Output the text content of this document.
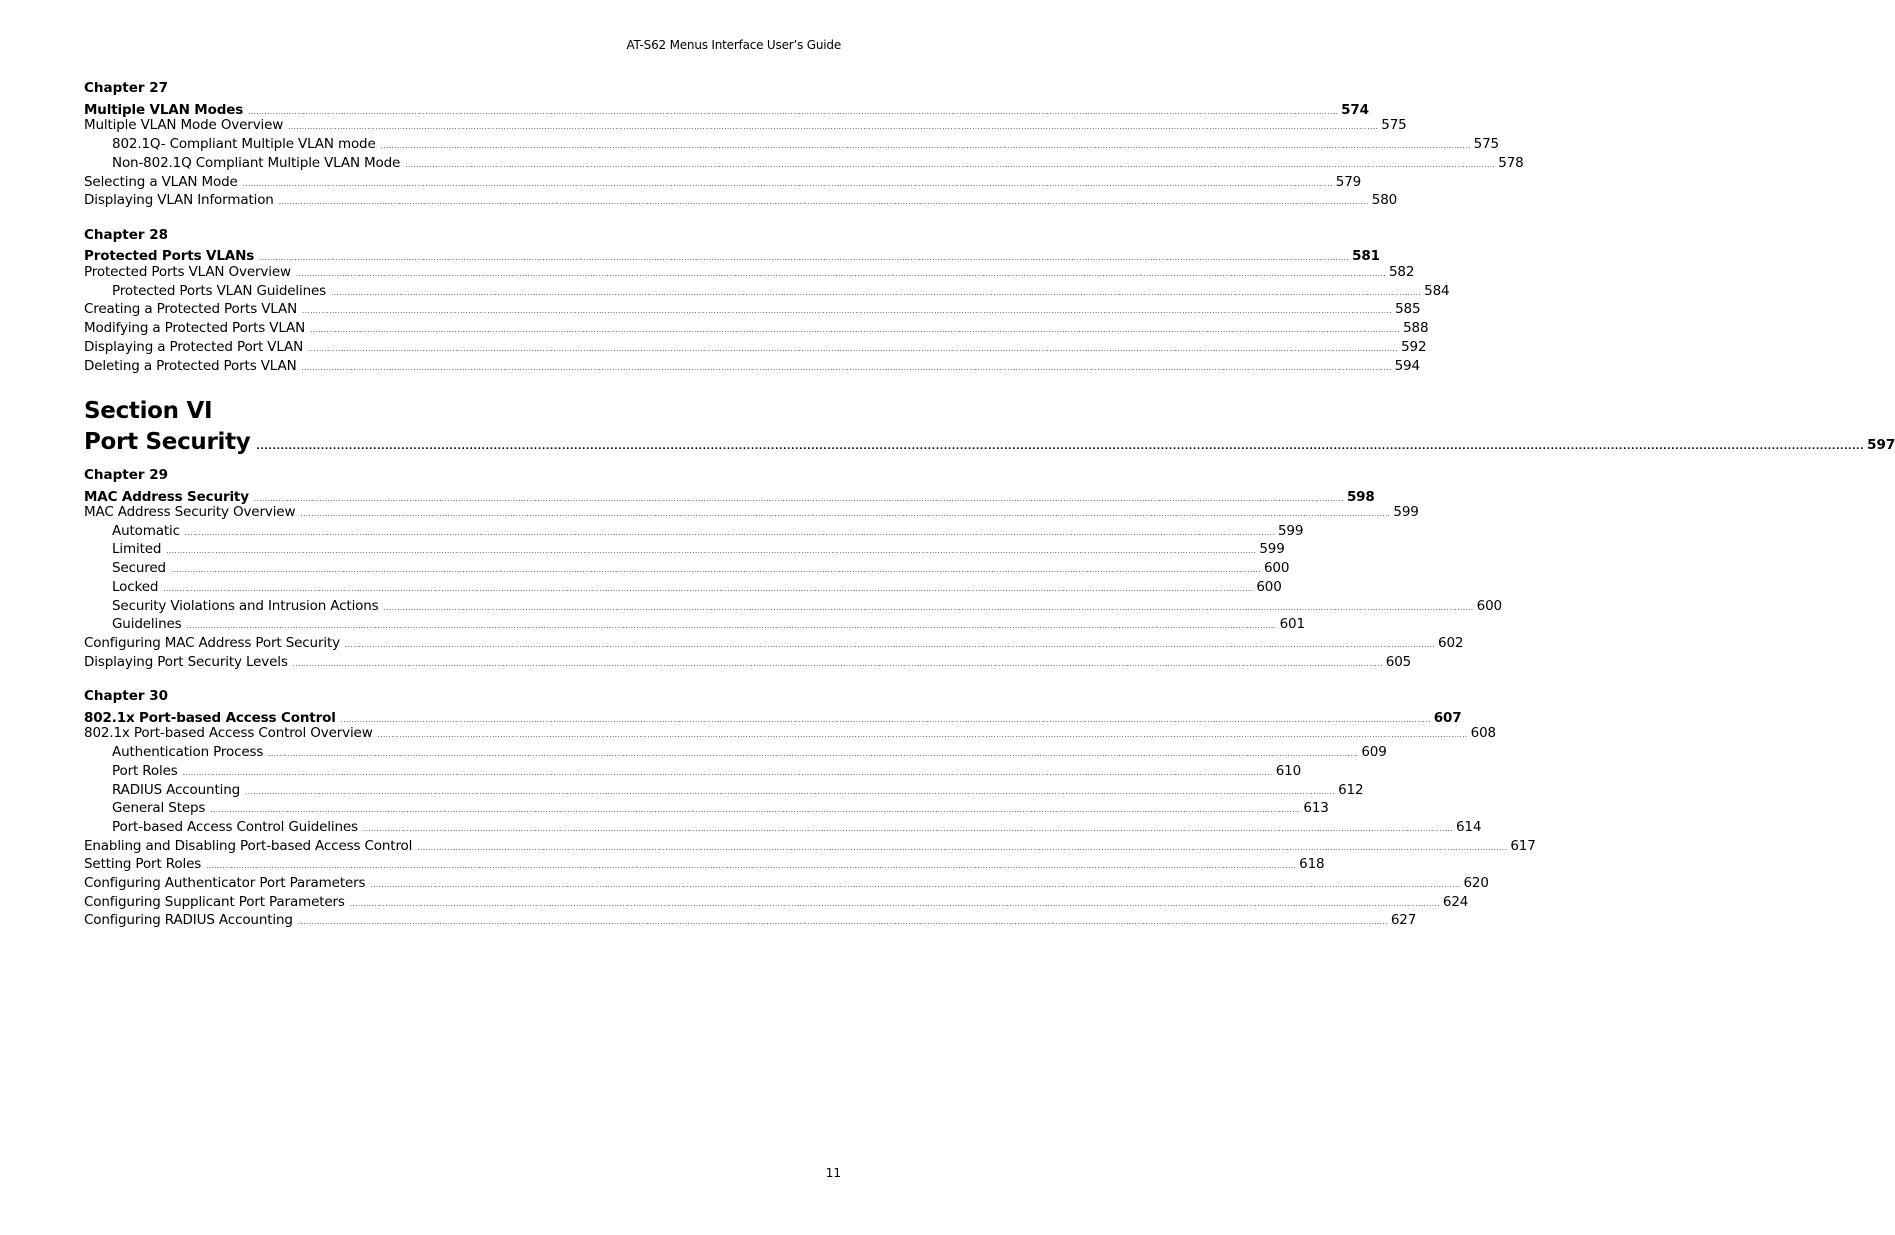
AT-S62 Menus Interface User’s Guide
Chapter 27
Multiple VLAN Modes ................................................................................................................................................................................................................................................................................................................................................................................................................ 574
Multiple VLAN Mode Overview ................................................................................................................................................................................................................................................................................................................................................................................................................ 575
802.1Q- Compliant Multiple VLAN mode ................................................................................................................................................................................................................................................................................................................................................................................................................ 575
Non-802.1Q Compliant Multiple VLAN Mode ................................................................................................................................................................................................................................................................................................................................................................................................................ 578
Selecting a VLAN Mode ................................................................................................................................................................................................................................................................................................................................................................................................................ 579
Displaying VLAN Information ................................................................................................................................................................................................................................................................................................................................................................................................................ 580
Chapter 28
Protected Ports VLANs ................................................................................................................................................................................................................................................................................................................................................................................................................ 581
Protected Ports VLAN Overview ................................................................................................................................................................................................................................................................................................................................................................................................................ 582
Protected Ports VLAN Guidelines ................................................................................................................................................................................................................................................................................................................................................................................................................ 584
Creating a Protected Ports VLAN ................................................................................................................................................................................................................................................................................................................................................................................................................ 585
Modifying a Protected Ports VLAN ................................................................................................................................................................................................................................................................................................................................................................................................................ 588
Displaying a Protected Port VLAN ................................................................................................................................................................................................................................................................................................................................................................................................................ 592
Deleting a Protected Ports VLAN ................................................................................................................................................................................................................................................................................................................................................................................................................ 594
Chapter 29
MAC Address Security ................................................................................................................................................................................................................................................................................................................................................................................................................ 598
MAC Address Security Overview ................................................................................................................................................................................................................................................................................................................................................................................................................ 599
Automatic ................................................................................................................................................................................................................................................................................................................................................................................................................ 599
Limited ................................................................................................................................................................................................................................................................................................................................................................................................................ 599
Secured ................................................................................................................................................................................................................................................................................................................................................................................................................ 600
Locked ................................................................................................................................................................................................................................................................................................................................................................................................................ 600
Security Violations and Intrusion Actions ................................................................................................................................................................................................................................................................................................................................................................................................................ 600
Guidelines ................................................................................................................................................................................................................................................................................................................................................................................................................ 601
Configuring MAC Address Port Security ................................................................................................................................................................................................................................................................................................................................................................................................................ 602
Displaying Port Security Levels ................................................................................................................................................................................................................................................................................................................................................................................................................ 605
Chapter 30
802.1x Port-based Access Control ................................................................................................................................................................................................................................................................................................................................................................................................................ 607
802.1x Port-based Access Control Overview ................................................................................................................................................................................................................................................................................................................................................................................................................ 608
Authentication Process ................................................................................................................................................................................................................................................................................................................................................................................................................ 609
Port Roles ................................................................................................................................................................................................................................................................................................................................................................................................................ 610
RADIUS Accounting ................................................................................................................................................................................................................................................................................................................................................................................................................ 612
General Steps ................................................................................................................................................................................................................................................................................................................................................................................................................ 613
Port-based Access Control Guidelines ................................................................................................................................................................................................................................................................................................................................................................................................................ 614
Enabling and Disabling Port-based Access Control ................................................................................................................................................................................................................................................................................................................................................................................................................ 617
Setting Port Roles ................................................................................................................................................................................................................................................................................................................................................................................................................ 618
Configuring Authenticator Port Parameters ................................................................................................................................................................................................................................................................................................................................................................................................................ 620
Configuring Supplicant Port Parameters ................................................................................................................................................................................................................................................................................................................................................................................................................ 624
Configuring RADIUS Accounting ................................................................................................................................................................................................................................................................................................................................................................................................................ 627
Section VI
Port Security ................................................................................................................................................................................................................................................................................................................................................................................................................ 597
11
